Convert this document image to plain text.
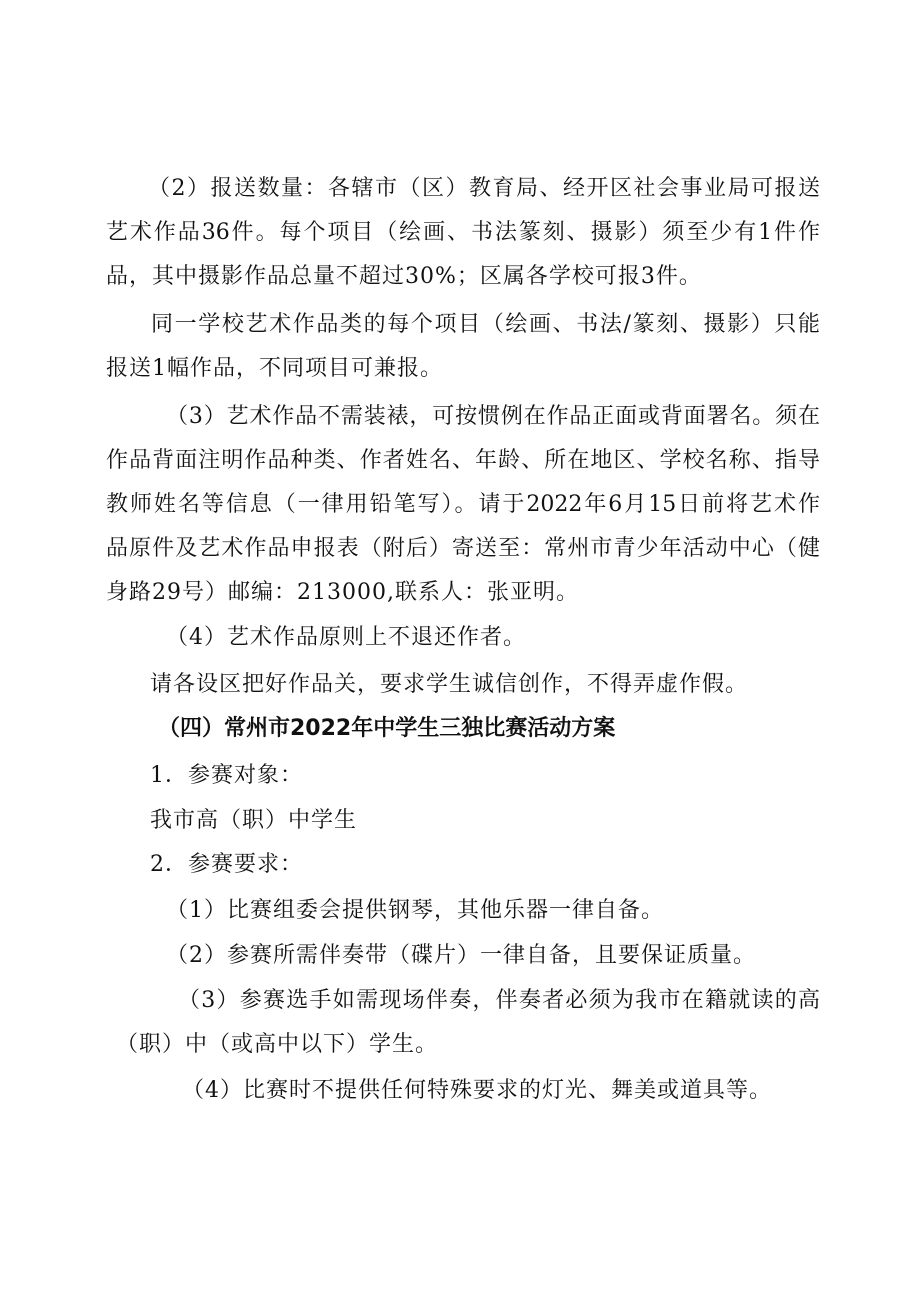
（2）报送数量：各辖市（区）教育局、经开区社会事业局可报送
艺术作品36件。每个项目（绘画、书法篆刻、摄影）须至少有1件作
品，其中摄影作品总量不超过30%；区属各学校可报3件。
同一学校艺术作品类的每个项目（绘画、书法/篆刻、摄影）只能
报送1幅作品，不同项目可兼报。
（3）艺术作品不需装裱，可按惯例在作品正面或背面署名。须在
作品背面注明作品种类、作者姓名、年龄、所在地区、学校名称、指导
教师姓名等信息（一律用铅笔写）。请于2022年6月15日前将艺术作
品原件及艺术作品申报表（附后）寄送至：常州市青少年活动中心（健
身路29号）邮编：213000,联系人：张亚明。
（4）艺术作品原则上不退还作者。
请各设区把好作品关，要求学生诚信创作，不得弄虚作假。
（四）常州市2022年中学生三独比赛活动方案
1．参赛对象：
我市高（职）中学生
2．参赛要求：
（1）比赛组委会提供钢琴，其他乐器一律自备。
（2）参赛所需伴奏带（碟片）一律自备，且要保证质量。
（3）参赛选手如需现场伴奏，伴奏者必须为我市在籍就读的高
（职）中（或高中以下）学生。
（4）比赛时不提供任何特殊要求的灯光、舞美或道具等。
